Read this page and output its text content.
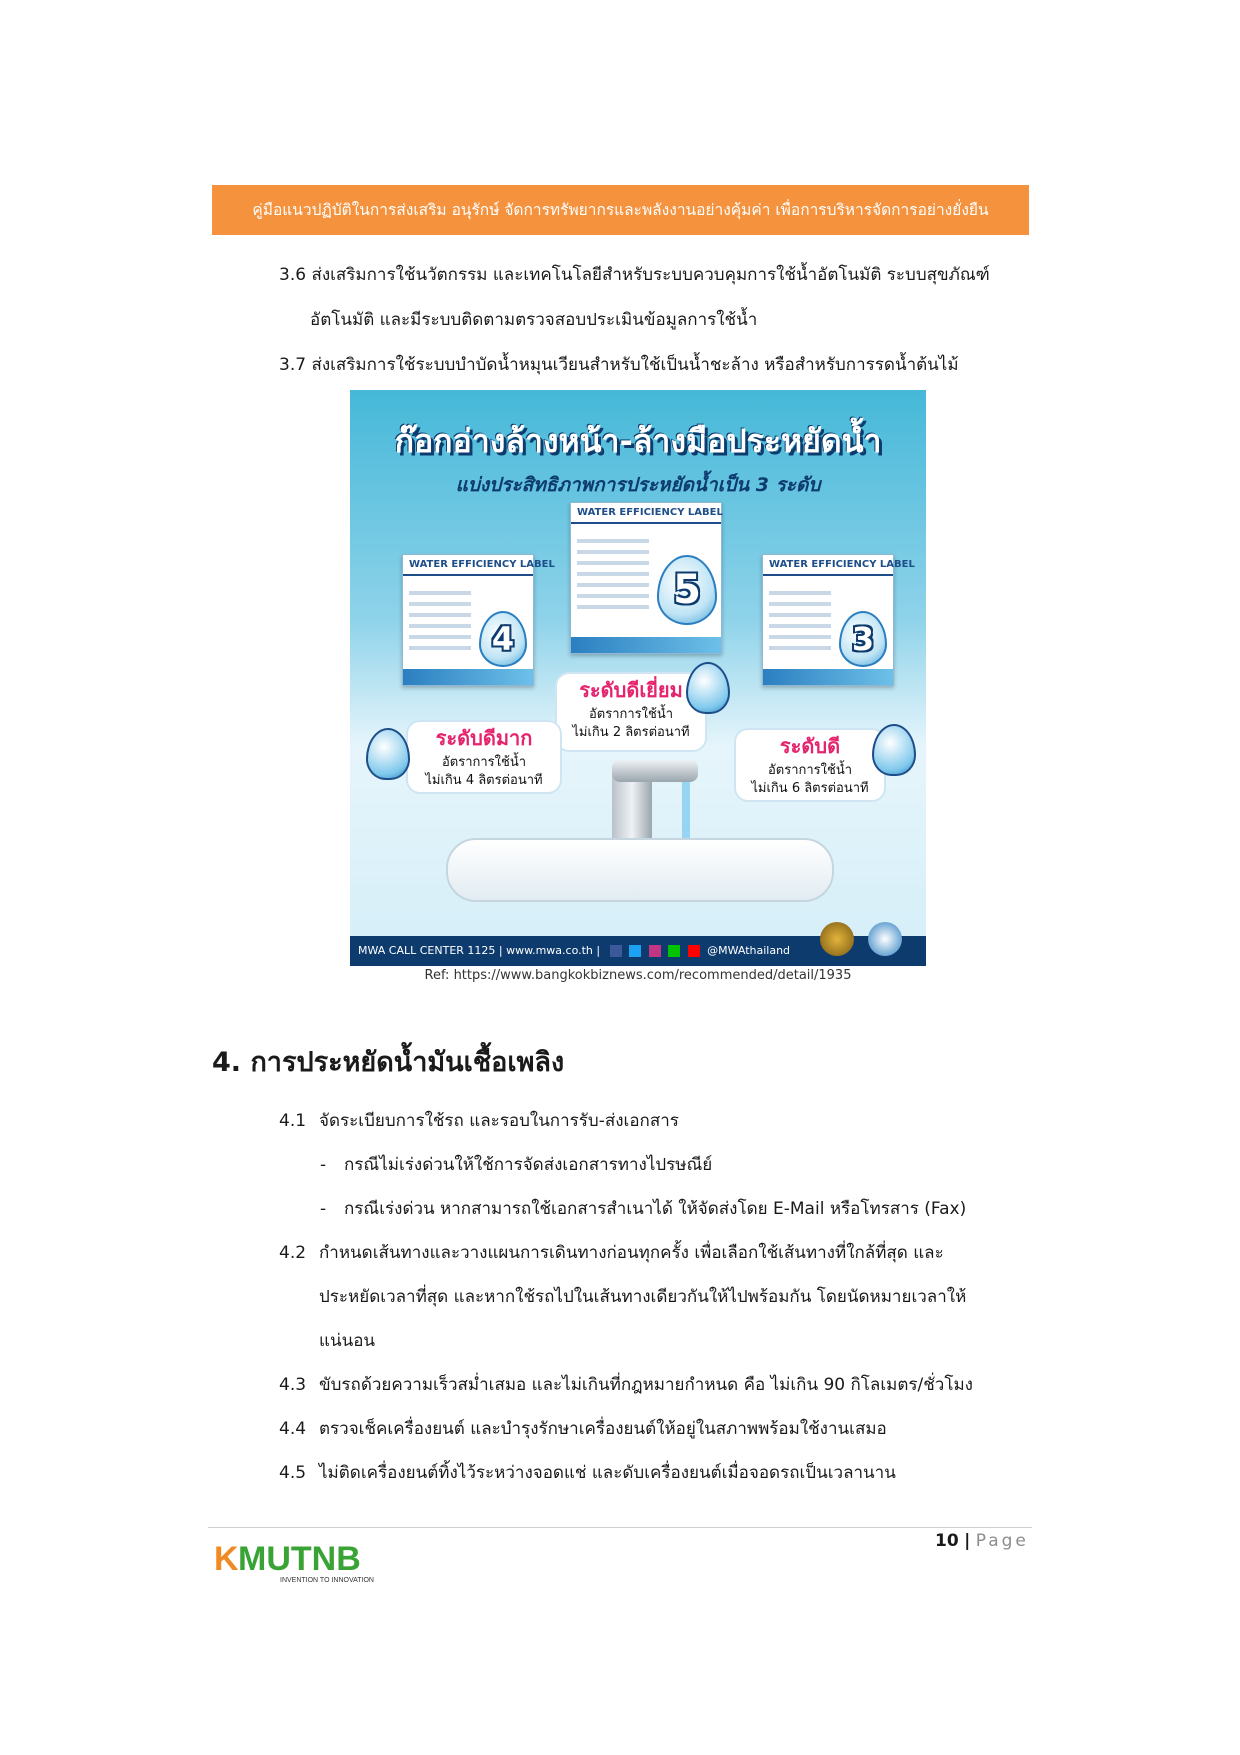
คู่มือแนวปฏิบัติในการส่งเสริม อนุรักษ์ จัดการทรัพยากรและพลังงานอย่างคุ้มค่า เพื่อการบริหารจัดการอย่างยั่งยืน
3.6 ส่งเสริมการใช้นวัตกรรม และเทคโนโลยีสำหรับระบบควบคุมการใช้น้ำอัตโนมัติ ระบบสุขภัณฑ์
อัตโนมัติ และมีระบบติดตามตรวจสอบประเมินข้อมูลการใช้น้ำ
3.7 ส่งเสริมการใช้ระบบบำบัดน้ำหมุนเวียนสำหรับใช้เป็นน้ำชะล้าง หรือสำหรับการรดน้ำต้นไม้
ก๊อกอ่างล้างหน้า-ล้างมือประหยัดน้ำ
แบ่งประสิทธิภาพการประหยัดน้ำเป็น 3 ระดับ
WATER EFFICIENCY LABEL
4
WATER EFFICIENCY LABEL
5
WATER EFFICIENCY LABEL
3
ระดับดีเยี่ยม
อัตราการใช้น้ำ
ไม่เกิน 2 ลิตรต่อนาที
ระดับดีมาก
อัตราการใช้น้ำ
ไม่เกิน 4 ลิตรต่อนาที
ระดับดี
อัตราการใช้น้ำ
ไม่เกิน 6 ลิตรต่อนาที
MWA CALL CENTER 1125 | www.mwa.co.th |	@MWAthailand
Ref: https://www.bangkokbiznews.com/recommended/detail/1935
4. การประหยัดน้ำมันเชื้อเพลิง
4.1 จัดระเบียบการใช้รถ และรอบในการรับ-ส่งเอกสาร
- กรณีไม่เร่งด่วนให้ใช้การจัดส่งเอกสารทางไปรษณีย์
- กรณีเร่งด่วน หากสามารถใช้เอกสารสำเนาได้ ให้จัดส่งโดย E-Mail หรือโทรสาร (Fax)
4.2 กำหนดเส้นทางและวางแผนการเดินทางก่อนทุกครั้ง เพื่อเลือกใช้เส้นทางที่ใกล้ที่สุด และ
ประหยัดเวลาที่สุด และหากใช้รถไปในเส้นทางเดียวกันให้ไปพร้อมกัน โดยนัดหมายเวลาให้
แน่นอน
4.3 ขับรถด้วยความเร็วสม่ำเสมอ และไม่เกินที่กฎหมายกำหนด คือ ไม่เกิน 90 กิโลเมตร/ชั่วโมง
4.4 ตรวจเช็คเครื่องยนต์ และบำรุงรักษาเครื่องยนต์ให้อยู่ในสภาพพร้อมใช้งานเสมอ
4.5 ไม่ติดเครื่องยนต์ทิ้งไว้ระหว่างจอดแช่ และดับเครื่องยนต์เมื่อจอดรถเป็นเวลานาน
10 | Page
K MUTNB
INVENTION TO INNOVATION
